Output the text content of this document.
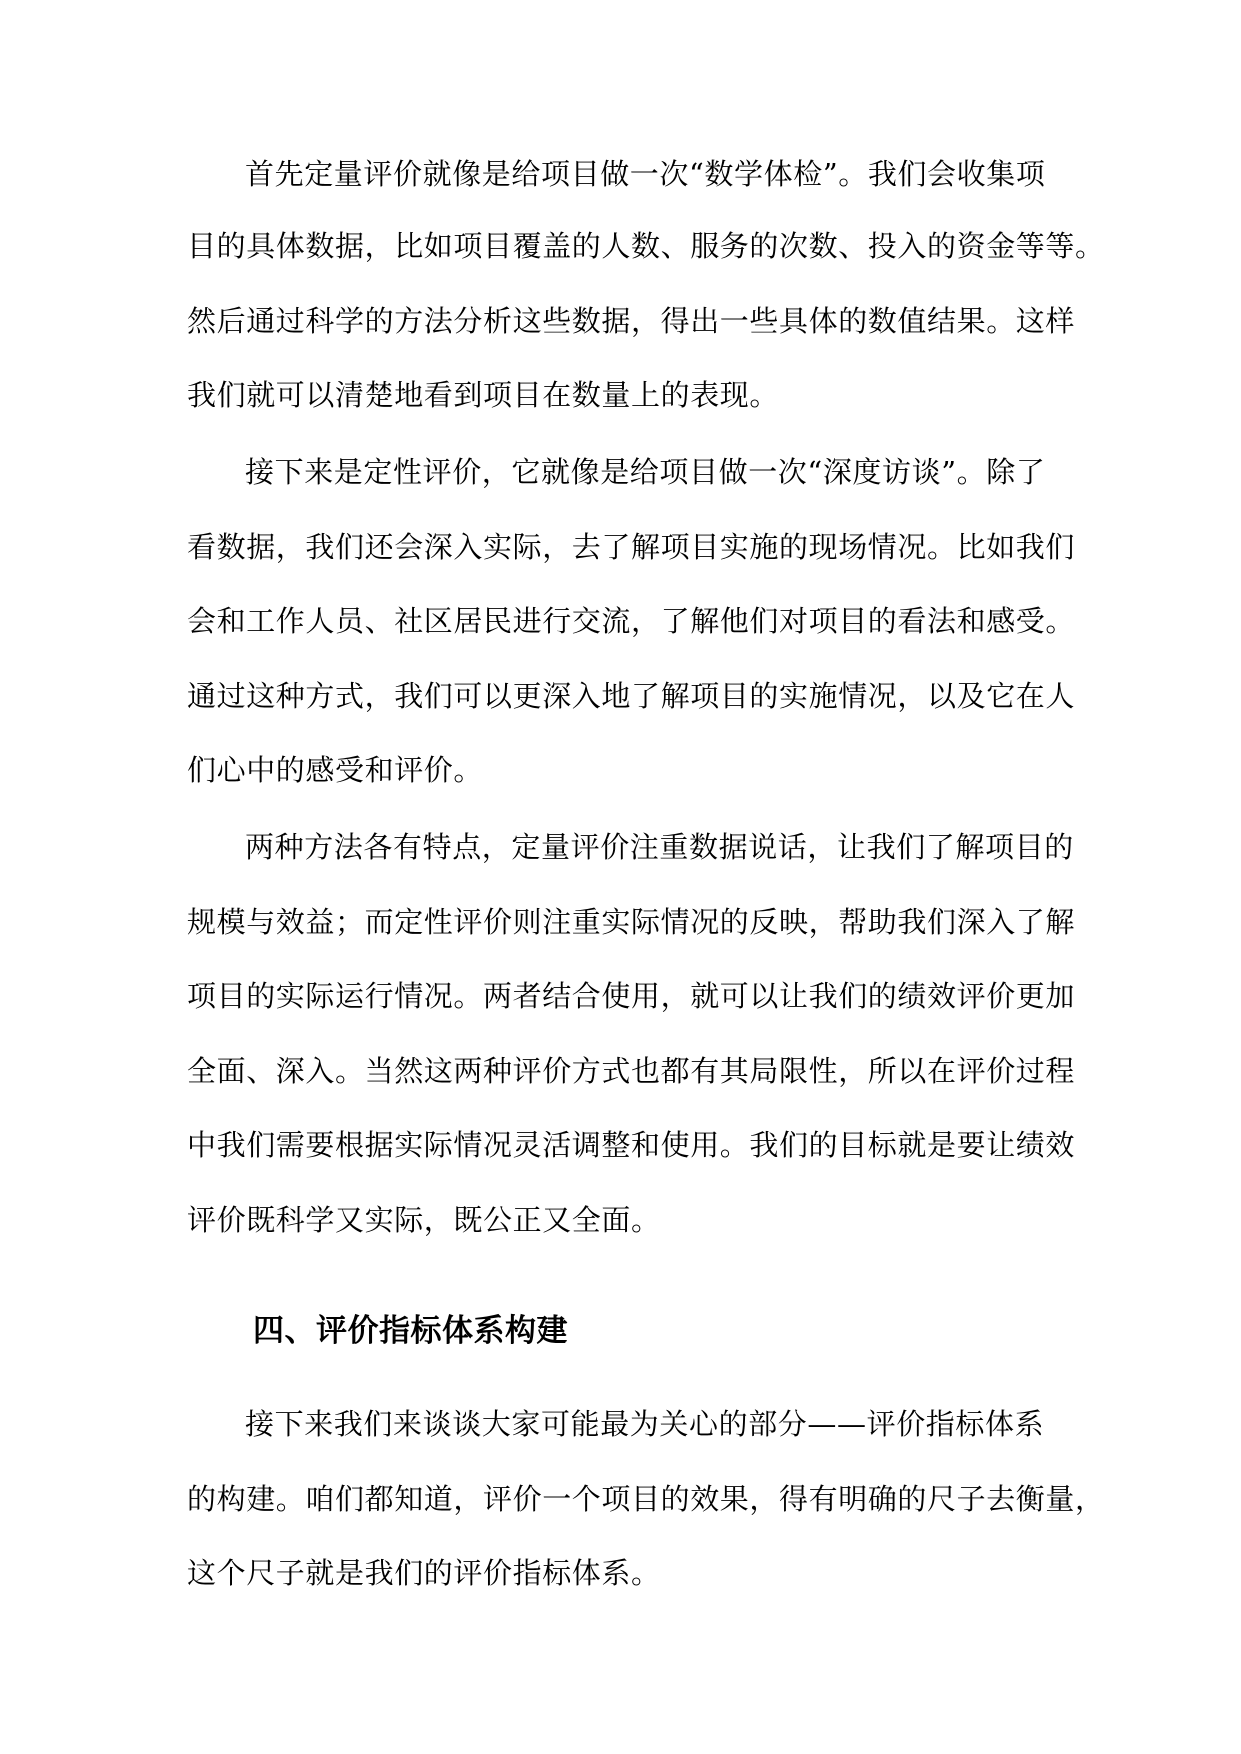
首先定量评价就像是给项目做一次“数学体检”。我们会收集项
目的具体数据，比如项目覆盖的人数、服务的次数、投入的资金等等。
然后通过科学的方法分析这些数据，得出一些具体的数值结果。这样
我们就可以清楚地看到项目在数量上的表现。
接下来是定性评价，它就像是给项目做一次“深度访谈”。除了
看数据，我们还会深入实际，去了解项目实施的现场情况。比如我们
会和工作人员、社区居民进行交流，了解他们对项目的看法和感受。
通过这种方式，我们可以更深入地了解项目的实施情况，以及它在人
们心中的感受和评价。
两种方法各有特点，定量评价注重数据说话，让我们了解项目的
规模与效益；而定性评价则注重实际情况的反映，帮助我们深入了解
项目的实际运行情况。两者结合使用，就可以让我们的绩效评价更加
全面、深入。当然这两种评价方式也都有其局限性，所以在评价过程
中我们需要根据实际情况灵活调整和使用。我们的目标就是要让绩效
评价既科学又实际，既公正又全面。
四、评价指标体系构建
接下来我们来谈谈大家可能最为关心的部分——评价指标体系
的构建。咱们都知道，评价一个项目的效果，得有明确的尺子去衡量，
这个尺子就是我们的评价指标体系。
